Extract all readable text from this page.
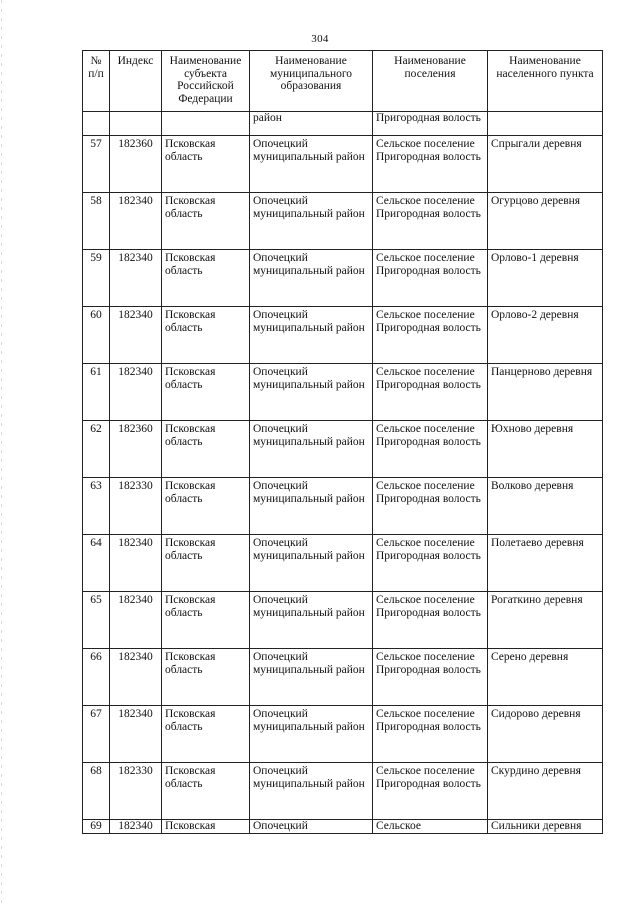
304
№ п/п	Индекс	Наименование субъекта Российской Федерации	Наименование муниципального образования	Наименование поселения	Наименование населенного пункта
			район	Пригородная волость	
57	182360	Псковская область	Опочецкий муниципальный район	Сельское поселение Пригородная волость	Спрыгали деревня
58	182340	Псковская область	Опочецкий муниципальный район	Сельское поселение Пригородная волость	Огурцово деревня
59	182340	Псковская область	Опочецкий муниципальный район	Сельское поселение Пригородная волость	Орлово-1 деревня
60	182340	Псковская область	Опочецкий муниципальный район	Сельское поселение Пригородная волость	Орлово-2 деревня
61	182340	Псковская область	Опочецкий муниципальный район	Сельское поселение Пригородная волость	Панцерново деревня
62	182360	Псковская область	Опочецкий муниципальный район	Сельское поселение Пригородная волость	Юхново деревня
63	182330	Псковская область	Опочецкий муниципальный район	Сельское поселение Пригородная волость	Волково деревня
64	182340	Псковская область	Опочецкий муниципальный район	Сельское поселение Пригородная волость	Полетаево деревня
65	182340	Псковская область	Опочецкий муниципальный район	Сельское поселение Пригородная волость	Рогаткино деревня
66	182340	Псковская область	Опочецкий муниципальный район	Сельское поселение Пригородная волость	Серено деревня
67	182340	Псковская область	Опочецкий муниципальный район	Сельское поселение Пригородная волость	Сидорово деревня
68	182330	Псковская область	Опочецкий муниципальный район	Сельское поселение Пригородная волость	Скурдино деревня
69	182340	Псковская	Опочецкий	Сельское	Сильники деревня
